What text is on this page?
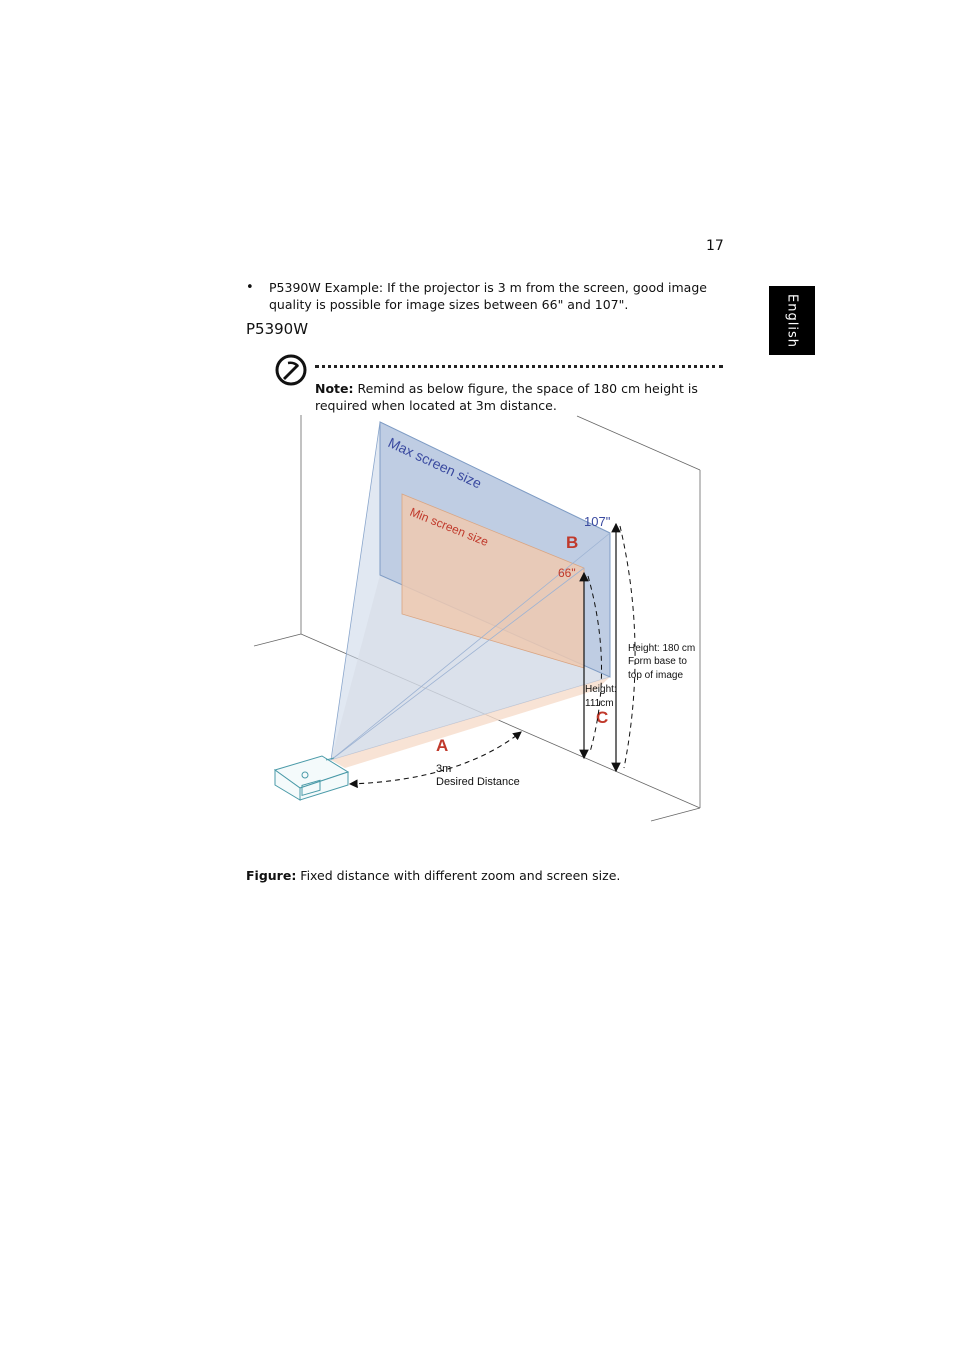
17
English
• P5390W Example: If the projector is 3 m from the screen, good image quality is possible for image sizes between 66" and 107".
P5390W
Note: Remind as below figure, the space of 180 cm height is required when located at 3m distance.
Max screen size
Min screen size	107"
66"
B
A
C
3m
Desired Distance
Height:
111cm
Height: 180 cm
Form base to
top of image
Figure: Fixed distance with different zoom and screen size.
